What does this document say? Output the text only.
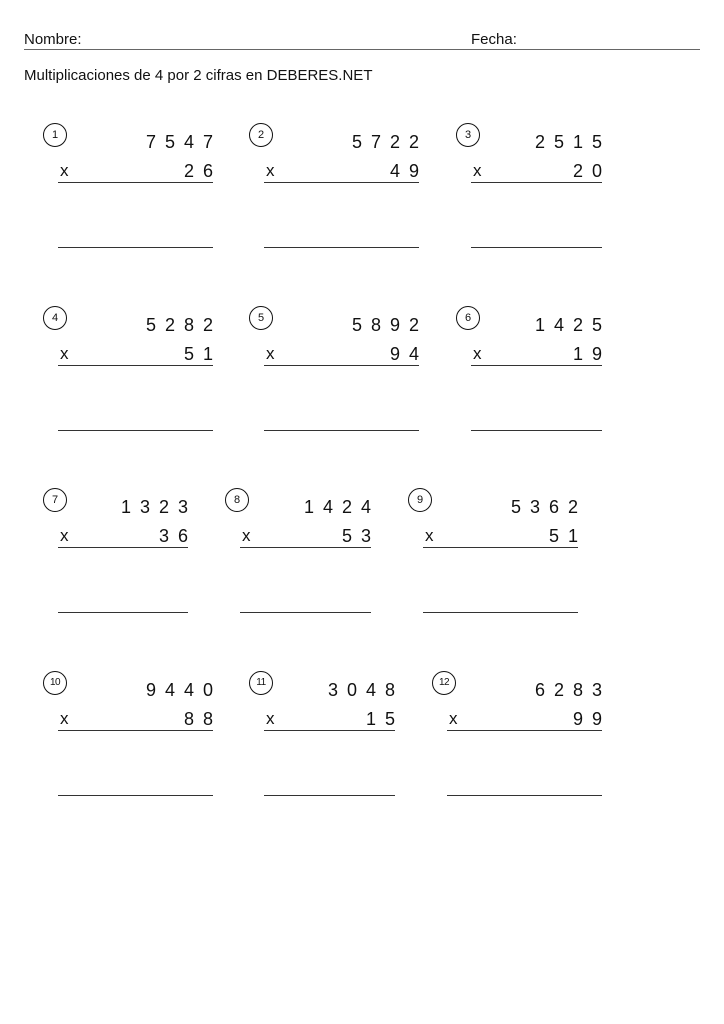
Nombre:	Fecha:
Multiplicaciones de 4 por 2 cifras en DEBERES.NET
1	7547
x	26
2	5722
x	49
3	2515
x	20
4	5282
x	51
5	5892
x	94
6	1425
x	19
7	1323
x	36
8	1424
x	53
9	5362
x	51
10	9440
x	88
11	3048
x	15
12	6283
x	99
